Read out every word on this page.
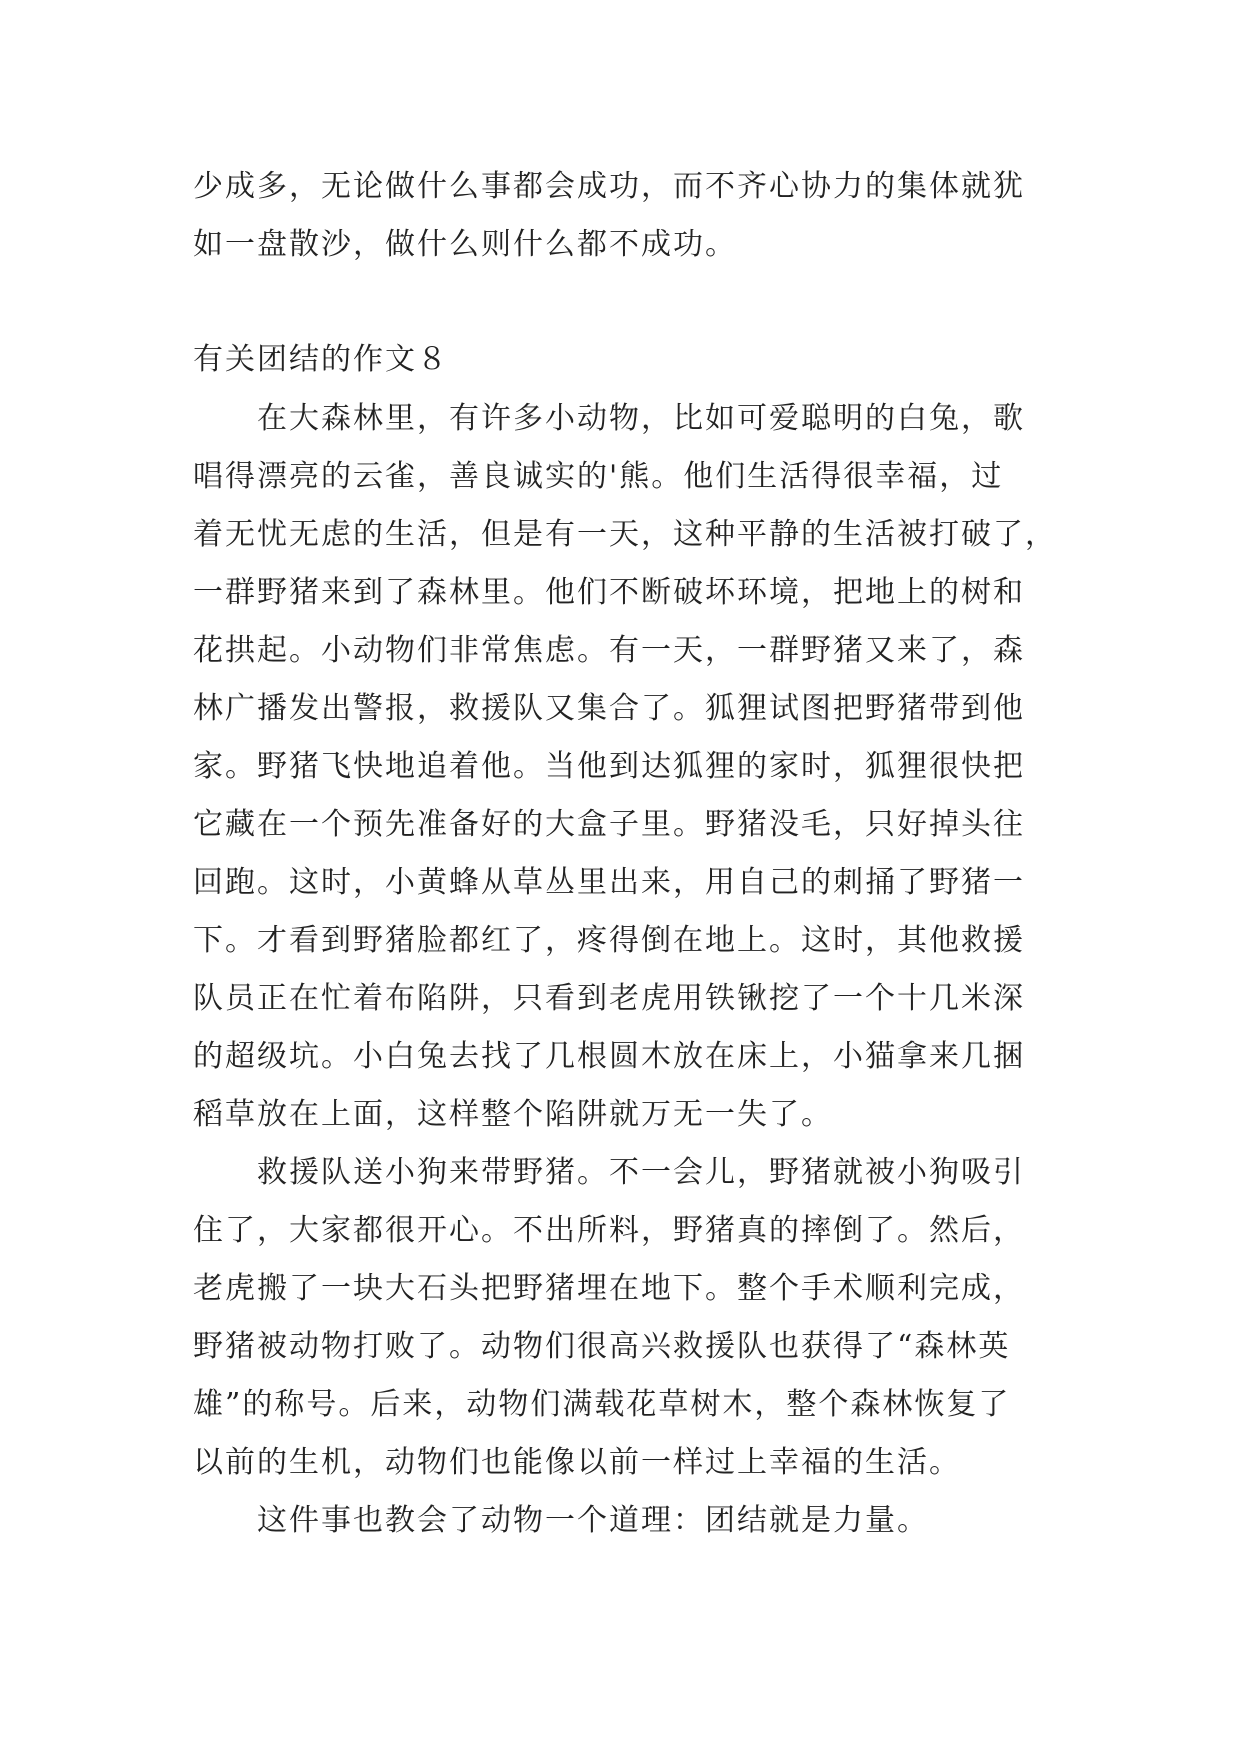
少成多，无论做什么事都会成功，而不齐心协力的集体就犹
如一盘散沙，做什么则什么都不成功。
有关团结的作文８
　　在大森林里，有许多小动物，比如可爱聪明的白兔，歌
唱得漂亮的云雀，善良诚实的'熊。他们生活得很幸福，过
着无忧无虑的生活，但是有一天，这种平静的生活被打破了，
一群野猪来到了森林里。他们不断破坏环境，把地上的树和
花拱起。小动物们非常焦虑。有一天，一群野猪又来了，森
林广播发出警报，救援队又集合了。狐狸试图把野猪带到他
家。野猪飞快地追着他。当他到达狐狸的家时，狐狸很快把
它藏在一个预先准备好的大盒子里。野猪没毛，只好掉头往
回跑。这时，小黄蜂从草丛里出来，用自己的刺捅了野猪一
下。才看到野猪脸都红了，疼得倒在地上。这时，其他救援
队员正在忙着布陷阱，只看到老虎用铁锹挖了一个十几米深
的超级坑。小白兔去找了几根圆木放在床上，小猫拿来几捆
稻草放在上面，这样整个陷阱就万无一失了。
　　救援队送小狗来带野猪。不一会儿，野猪就被小狗吸引
住了，大家都很开心。不出所料，野猪真的摔倒了。然后，
老虎搬了一块大石头把野猪埋在地下。整个手术顺利完成，
野猪被动物打败了。动物们很高兴救援队也获得了“森林英
雄”的称号。后来，动物们满载花草树木，整个森林恢复了
以前的生机，动物们也能像以前一样过上幸福的生活。
　　这件事也教会了动物一个道理：团结就是力量。
